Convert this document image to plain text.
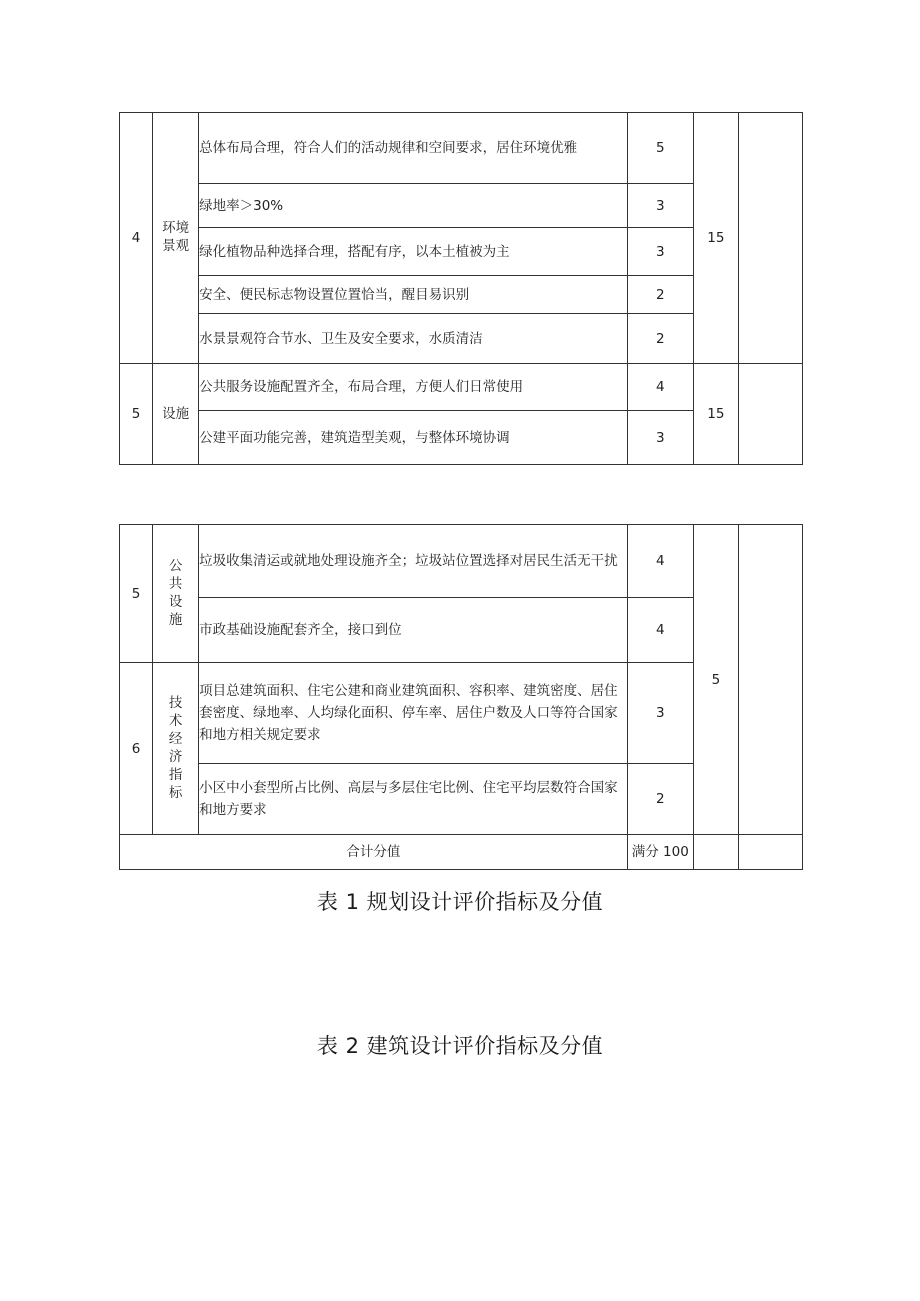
4	环境景观	总体布局合理，符合人们的活动规律和空间要求，居住环境优雅	5	15	
		绿地率＞30%	3		
		绿化植物品种选择合理，搭配有序，以本土植被为主	3		
		安全、便民标志物设置位置恰当，醒目易识别	2		
		水景景观符合节水、卫生及安全要求，水质清洁	2		
5	设施	公共服务设施配置齐全，布局合理，方便人们日常使用	4	15	
		公建平面功能完善，建筑造型美观，与整体环境协调	3		
5	公共设施	垃圾收集清运或就地处理设施齐全；垃圾站位置选择对居民生活无干扰	4	5	
		市政基础设施配套齐全，接口到位	4		
6	技术经济指标	项目总建筑面积、住宅公建和商业建筑面积、容积率、建筑密度、居住套密度、绿地率、人均绿化面积、停车率、居住户数及人口等符合国家和地方相关规定要求	3		
		小区中小套型所占比例、高层与多层住宅比例、住宅平均层数符合国家和地方要求	2		
合计分值			满分 100		
表 1 规划设计评价指标及分值
表 2 建筑设计评价指标及分值
